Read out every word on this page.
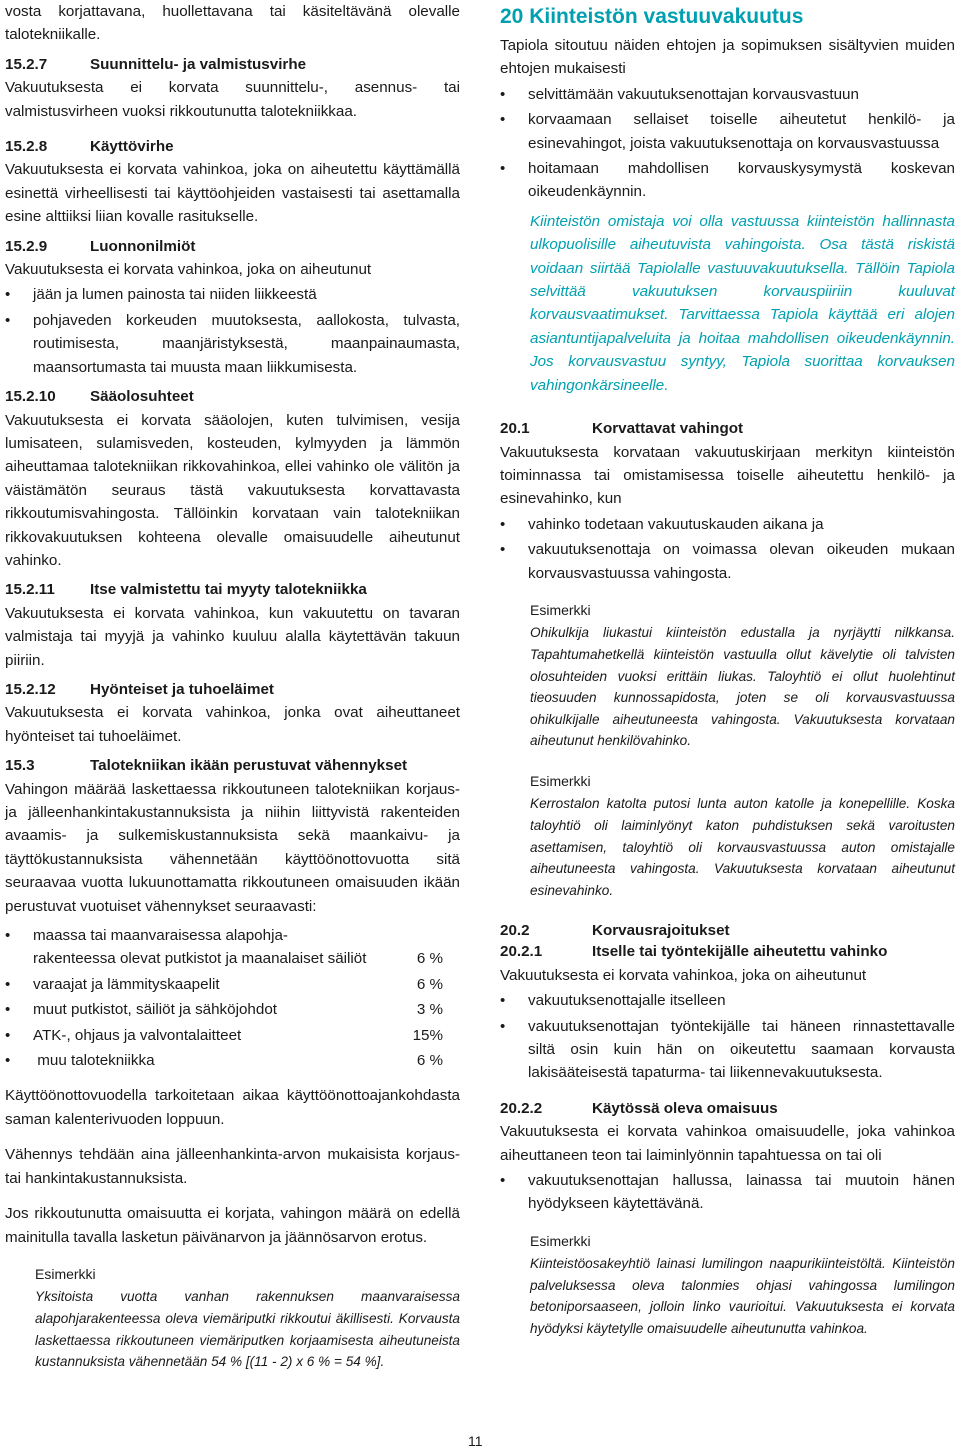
vosta korjattavana, huollettavana tai käsiteltävänä olevalle talotekniikalle.

15.2.7	Suunnittelu- ja valmistusvirhe

Vakuutuksesta ei korvata suunnittelu-, asennus- tai valmistusvirheen vuoksi rikkoutunutta talotekniikkaa.

15.2.8	Käyttövirhe

Vakuutuksesta ei korvata vahinkoa, joka on aiheutettu käyttämällä esinettä virheellisesti tai käyttöohjeiden vastaisesti tai asettamalla esine alttiiksi liian kovalle rasitukselle.

15.2.9	Luonnonilmiöt

Vakuutuksesta ei korvata vahinkoa, joka on aiheutunut

• jään ja lumen painosta tai niiden liikkeestä
• pohjaveden korkeuden muutoksesta, aallokosta, tulvasta, routimisesta, maanjäristyksestä, maanpainaumasta, maansortumasta tai muusta maan liikkumisesta.
15.2.10	Sääolosuhteet

Vakuutuksesta ei korvata sääolojen, kuten tulvimisen, vesija lumisateen, sulamisveden, kosteuden, kylmyyden ja lämmön aiheuttamaa talotekniikan rikkovahinkoa, ellei vahinko ole välitön ja väistämätön seuraus tästä vakuutuksesta korvattavasta rikkoutumisvahingosta. Tällöinkin korvataan vain talotekniikan rikkovakuutuksen kohteena olevalle omaisuudelle aiheutunut vahinko.

15.2.11	Itse valmistettu tai myyty talotekniikka

Vakuutuksesta ei korvata vahinkoa, kun vakuutettu on tavaran valmistaja tai myyjä ja vahinko kuuluu alalla käytettävän takuun piiriin.

15.2.12	Hyönteiset ja tuhoeläimet

Vakuutuksesta ei korvata vahinkoa, jonka ovat aiheuttaneet hyönteiset tai tuhoeläimet.

15.3	Talotekniikan ikään perustuvat vähennykset

Vahingon määrää laskettaessa rikkoutuneen talotekniikan korjaus- ja jälleenhankintakustannuksista ja niihin liittyvistä rakenteiden avaamis- ja sulkemiskustannuksista sekä maankaivu- ja täyttökustannuksista vähennetään käyttöönottovuotta sitä seuraavaa vuotta lukuunottamatta rikkoutuneen omaisuuden ikään perustuvat vuotuiset vähennykset seuraavasti:

• maassa tai maanvaraisessa alapohja-
rakenteessa olevat putkistot ja maanalaiset säiliöt	6 %
• varaajat ja lämmityskaapelit	6 %
• muut putkistot, säiliöt ja sähköjohdot	3 %
• ATK-, ohjaus ja valvontalaitteet	15%
•  muu talotekniikka	6 %

Käyttöönottovuodella tarkoitetaan aikaa käyttöönottoajankohdasta saman kalenterivuoden loppuun.

Vähennys tehdään aina jälleenhankinta-arvon mukaisista korjaus- tai hankintakustannuksista.

Jos rikkoutunutta omaisuutta ei korjata, vahingon määrä on edellä mainitulla tavalla lasketun päivänarvon ja jäännösarvon erotus.

Esimerkki

Yksitoista vuotta vanhan rakennuksen maanvaraisessa alapohjarakenteessa oleva viemäriputki rikkoutui äkillisesti. Korvausta laskettaessa rikkoutuneen viemäriputken korjaamisesta aiheutuneista kustannuksista vähennetään 54 % [(11 - 2) x 6 % = 54 %].

20 Kiinteistön vastuuvakuutus

Tapiola sitoutuu näiden ehtojen ja sopimuksen sisältyvien muiden ehtojen mukaisesti

• selvittämään vakuutuksenottajan korvausvastuun
• korvaamaan sellaiset toiselle aiheutetut henkilö- ja esinevahingot, joista vakuutuksenottaja on korvausvastuussa
• hoitamaan mahdollisen korvauskysymystä koskevan oikeudenkäynnin.

Kiinteistön omistaja voi olla vastuussa kiinteistön hallinnasta ulkopuolisille aiheutuvista vahingoista. Osa tästä riskistä voidaan siirtää Tapiolalle vastuuvakuutuksella. Tällöin Tapiola selvittää vakuutuksen korvauspiiriin kuuluvat korvausvaatimukset. Tarvittaessa Tapiola käyttää eri alojen asiantuntijapalveluita ja hoitaa mahdollisen oikeudenkäynnin. Jos korvausvastuu syntyy, Tapiola suorittaa korvauksen vahingonkärsineelle.

20.1	Korvattavat vahingot

Vakuutuksesta korvataan vakuutuskirjaan merkityn kiinteistön toiminnassa tai omistamisessa toiselle aiheutettu henkilö- ja esinevahinko, kun

• vahinko todetaan vakuutuskauden aikana ja
• vakuutuksenottaja on voimassa olevan oikeuden mukaan korvausvastuussa vahingosta.

Esimerkki

Ohikulkija liukastui kiinteistön edustalla ja nyrjäytti nilkkansa. Tapahtumahetkellä kiinteistön vastuulla ollut kävelytie oli talvisten olosuhteiden vuoksi erittäin liukas. Taloyhtiö ei ollut huolehtinut tieosuuden kunnossapidosta, joten se oli korvausvastuussa ohikulkijalle aiheutuneesta vahingosta. Vakuutuksesta korvataan aiheutunut henkilövahinko.

Esimerkki

Kerrostalon katolta putosi lunta auton katolle ja konepellille. Koska taloyhtiö oli laiminlyönyt katon puhdistuksen sekä varoitusten asettamisen, taloyhtiö oli korvausvastuussa auton omistajalle aiheutuneesta vahingosta. Vakuutuksesta korvataan aiheutunut esinevahinko.

20.2	Korvausrajoitukset
20.2.1	Itselle tai työntekijälle aiheutettu vahinko

Vakuutuksesta ei korvata vahinkoa, joka on aiheutunut

• vakuutuksenottajalle itselleen
• vakuutuksenottajan työntekijälle tai häneen rinnastettavalle siltä osin kuin hän on oikeutettu saamaan korvausta lakisääteisestä tapaturma- tai liikennevakuutuksesta.
20.2.2	Käytössä oleva omaisuus

Vakuutuksesta ei korvata vahinkoa omaisuudelle, joka vahinkoa aiheuttaneen teon tai laiminlyönnin tapahtuessa on tai oli

• vakuutuksenottajan hallussa, lainassa tai muutoin hänen hyödykseen käytettävänä.

Esimerkki

Kiinteistöosakeyhtiö lainasi lumilingon naapurikiinteistöltä. Kiinteistön palveluksessa oleva talonmies ohjasi vahingossa lumilingon betoniporsaaseen, jolloin linko vaurioitui. Vakuutuksesta ei korvata hyödyksi käytetylle omaisuudelle aiheutunutta vahinkoa.

11
